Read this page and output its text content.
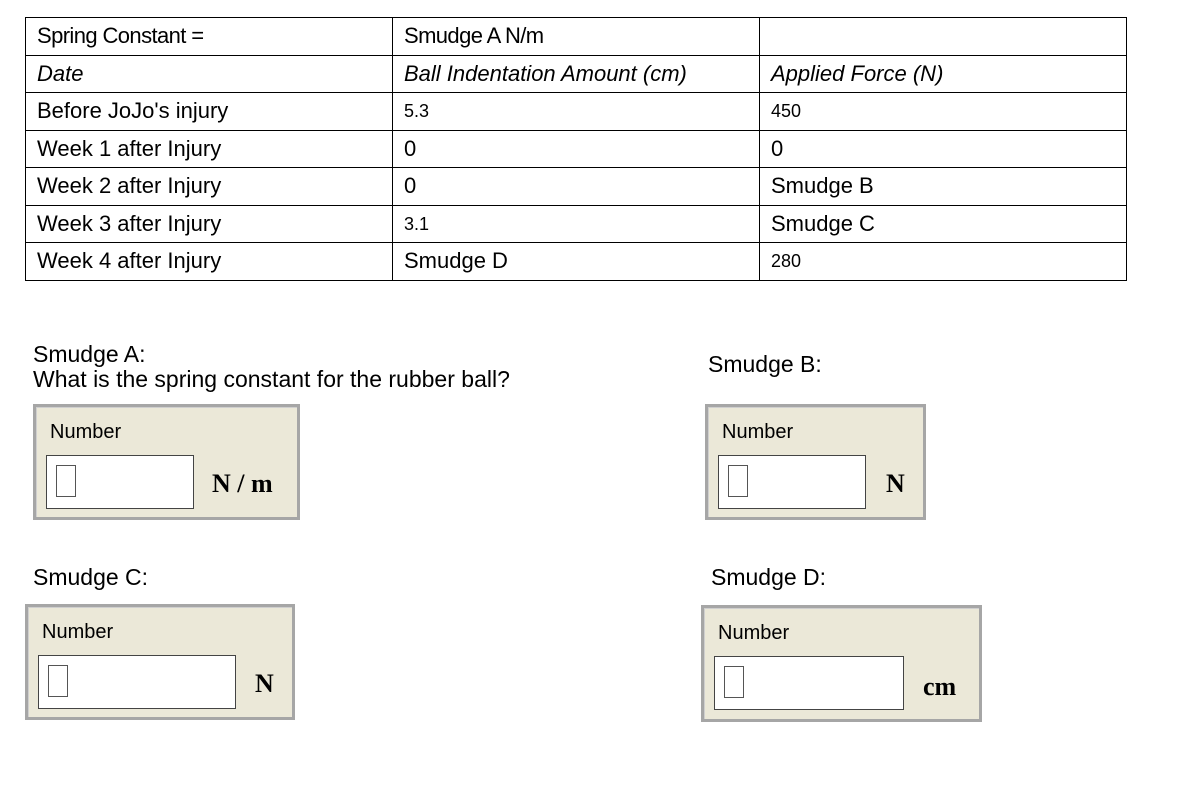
Spring Constant =	Smudge A N/m	
Date	Ball Indentation Amount (cm)	Applied Force (N)
Before JoJo's injury	5.3	450
Week 1 after Injury	0	0
Week 2 after Injury	0	Smudge B
Week 3 after Injury	3.1	Smudge C
Week 4 after Injury	Smudge D	280
Smudge A:
What is the spring constant for the rubber ball?
Number
N / m
Smudge B:
Number
N
Smudge C:
Number
N
Smudge D:
Number
cm
